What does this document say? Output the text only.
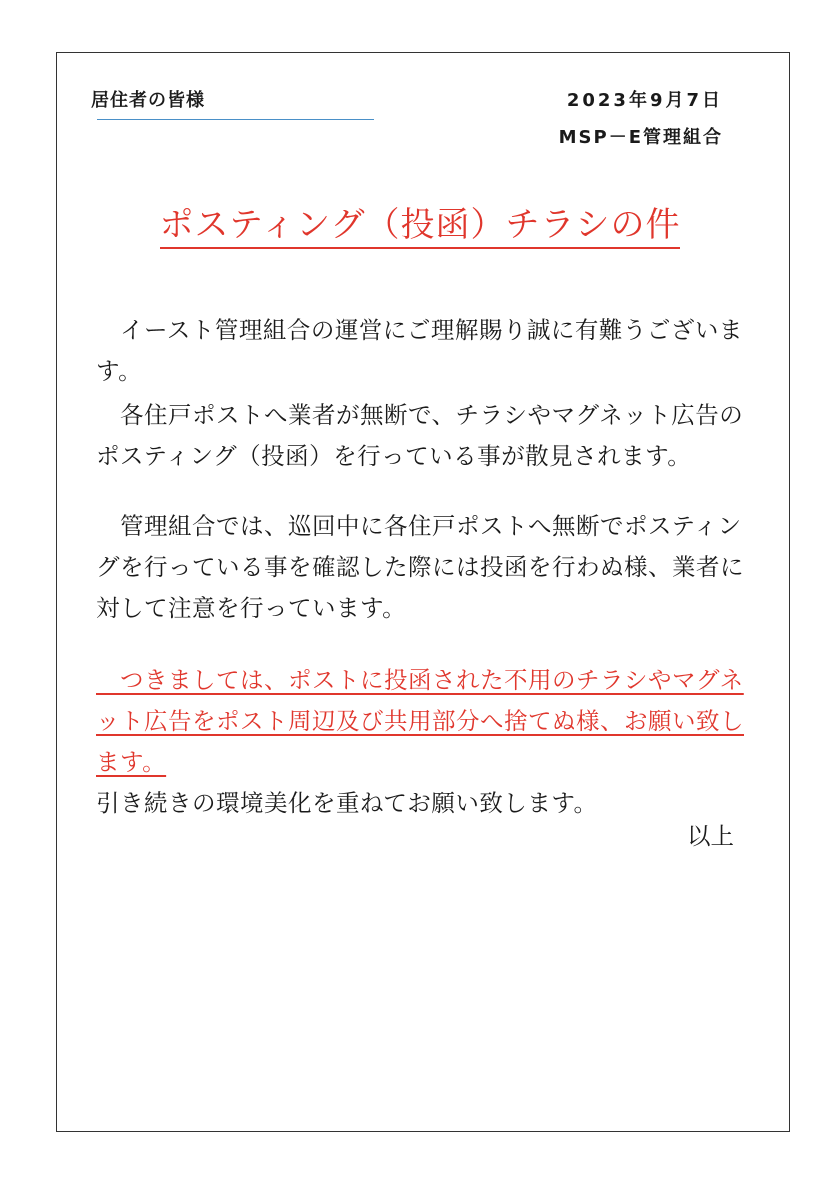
居住者の皆様	2023年9月7日
MSP－E管理組合
ポスティング（投函）チラシの件

　イースト管理組合の運営にご理解賜り誠に有難うございます。

　各住戸ポストへ業者が無断で、チラシやマグネット広告のポスティング（投函）を行っている事が散見されます。

　管理組合では、巡回中に各住戸ポストへ無断でポスティングを行っている事を確認した際には投函を行わぬ様、業者に対して注意を行っています。

　つきましては、ポストに投函された不用のチラシやマグネット広告をポスト周辺及び共用部分へ捨てぬ様、お願い致します。
引き続きの環境美化を重ねてお願い致します。

以上
